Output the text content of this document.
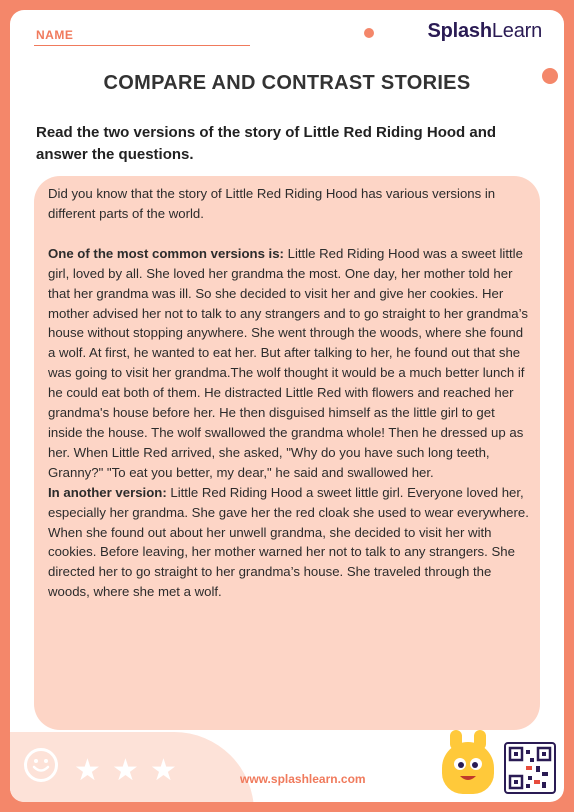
NAME	SplashLearn
COMPARE AND CONTRAST STORIES
Read the two versions of the story of Little Red Riding Hood and answer the questions.

Did you know that the story of Little Red Riding Hood has various versions in different parts of the world.

One of the most common versions is: Little Red Riding Hood was a sweet little girl, loved by all. She loved her grandma the most. One day, her mother told her that her grandma was ill. So she decided to visit her and give her cookies. Her mother advised her not to talk to any strangers and to go straight to her grandma’s house without stopping anywhere. She went through the woods, where she found a wolf. At first, he wanted to eat her. But after talking to her, he found out that she was going to visit her grandma.The wolf thought it would be a much better lunch if he could eat both of them. He distracted Little Red with flowers and reached her grandma's house before her. He then disguised himself as the little girl to get inside the house. The wolf swallowed the grandma whole! Then he dressed up as her. When Little Red arrived, she asked, "Why do you have such long teeth, Granny?" "To eat you better, my dear," he said and swallowed her.

In another version: Little Red Riding Hood a sweet little girl. Everyone loved her, especially her grandma. She gave her the red cloak she used to wear everywhere. When she found out about her unwell grandma, she decided to visit her with cookies. Before leaving, her mother warned her not to talk to any strangers. She directed her to go straight to her grandma’s house. She traveled through the woods, where she met a wolf.

★ ★ ★	www.splashlearn.com
